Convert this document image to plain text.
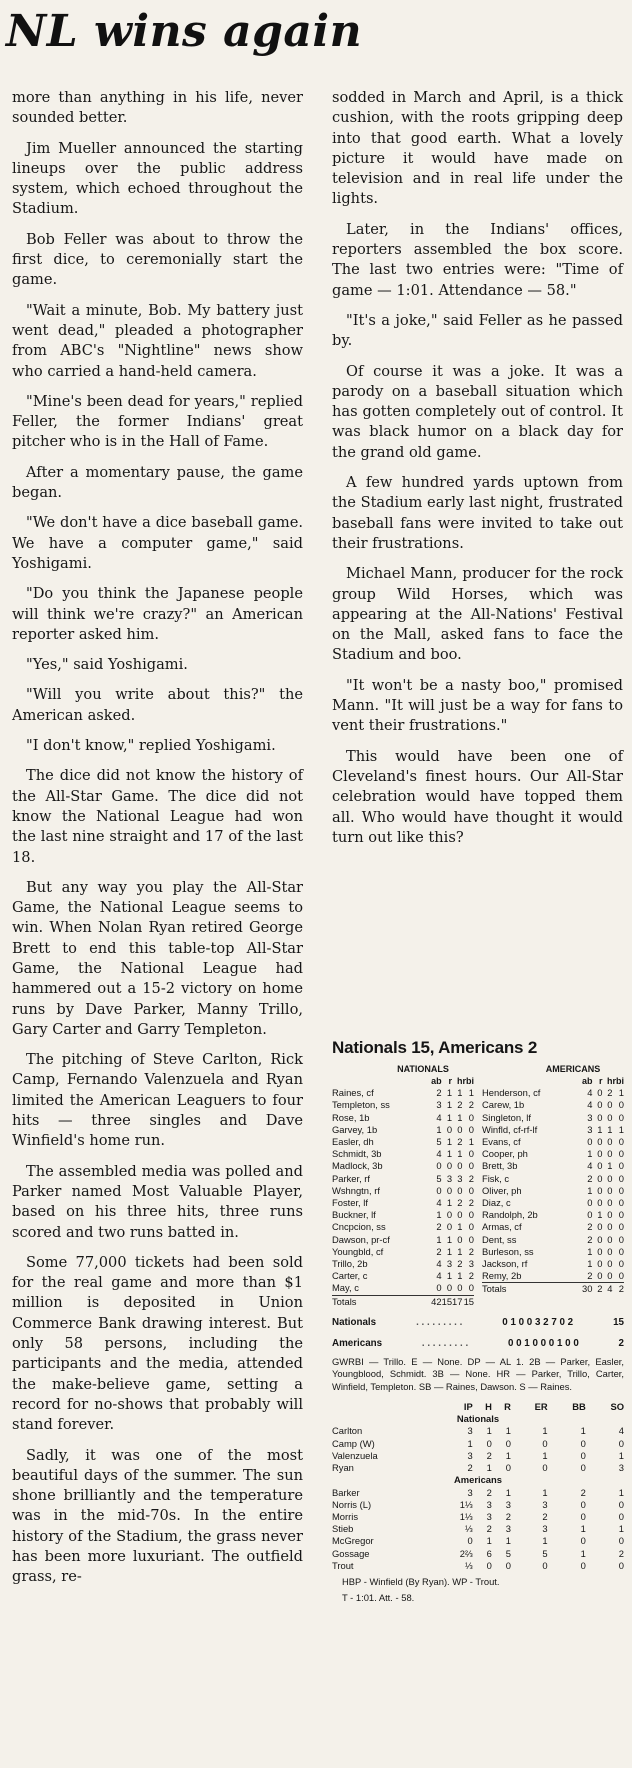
NL wins again

more than anything in his life, never sounded better.

Jim Mueller announced the starting lineups over the public address system, which echoed throughout the Stadium.

Bob Feller was about to throw the first dice, to ceremonially start the game.

"Wait a minute, Bob. My battery just went dead," pleaded a photographer from ABC's "Nightline" news show who carried a hand-held camera.

"Mine's been dead for years," replied Feller, the former Indians' great pitcher who is in the Hall of Fame.

After a momentary pause, the game began.

"We don't have a dice baseball game. We have a computer game," said Yoshigami.

"Do you think the Japanese people will think we're crazy?" an American reporter asked him.

"Yes," said Yoshigami.

"Will you write about this?" the American asked.

"I don't know," replied Yoshigami.

The dice did not know the history of the All-Star Game. The dice did not know the National League had won the last nine straight and 17 of the last 18.

But any way you play the All-Star Game, the National League seems to win. When Nolan Ryan retired George Brett to end this table-top All-Star Game, the National League had hammered out a 15-2 victory on home runs by Dave Parker, Manny Trillo, Gary Carter and Garry Templeton.

The pitching of Steve Carlton, Rick Camp, Fernando Valenzuela and Ryan limited the American Leaguers to four hits — three singles and Dave Winfield's home run.

The assembled media was polled and Parker named Most Valuable Player, based on his three hits, three runs scored and two runs batted in.

Some 77,000 tickets had been sold for the real game and more than $1 million is deposited in Union Commerce Bank drawing interest. But only 58 persons, including the participants and the media, attended the make-believe game, setting a record for no-shows that probably will stand forever.

Sadly, it was one of the most beautiful days of the summer. The sun shone brilliantly and the temperature was in the mid-70s. In the entire history of the Stadium, the grass never has been more luxuriant. The outfield grass, re-

sodded in March and April, is a thick cushion, with the roots gripping deep into that good earth. What a lovely picture it would have made on television and in real life under the lights.

Later, in the Indians' offices, reporters assembled the box score. The last two entries were: "Time of game — 1:01. Attendance — 58."

"It's a joke," said Feller as he passed by.

Of course it was a joke. It was a parody on a baseball situation which has gotten completely out of control. It was black humor on a black day for the grand old game.

A few hundred yards uptown from the Stadium early last night, frustrated baseball fans were invited to take out their frustrations.

Michael Mann, producer for the rock group Wild Horses, which was appearing at the All-Nations' Festival on the Mall, asked fans to face the Stadium and boo.

"It won't be a nasty boo," promised Mann. "It will just be a way for fans to vent their frustrations."

This would have been one of Cleveland's finest hours. Our All-Star celebration would have topped them all. Who would have thought it would turn out like this?

Nationals 15, Americans 2
NATIONALS
	ab	r	h	rbi
Raines, cf	2	1	1	1
Templeton, ss	3	1	2	2
Rose, 1b	4	1	1	0
Garvey, 1b	1	0	0	0
Easler, dh	5	1	2	1
Schmidt, 3b	4	1	1	0
Madlock, 3b	0	0	0	0
Parker, rf	5	3	3	2
Wshngtn, rf	0	0	0	0
Foster, lf	4	1	2	2
Buckner, lf	1	0	0	0
Cncpcion, ss	2	0	1	0
Dawson, pr-cf	1	1	0	0
Youngbld, cf	2	1	1	2
Trillo, 2b	4	3	2	3
Carter, c	4	1	1	2
May, c	0	0	0	0
Totals	42	15	17	15
AMERICANS
	ab	r	h	rbi
Henderson, cf	4	0	2	1
Carew, 1b	4	0	0	0
Singleton, lf	3	0	0	0
Winfld, cf-rf-lf	3	1	1	1
Evans, cf	0	0	0	0
Cooper, ph	1	0	0	0
Brett, 3b	4	0	1	0
Fisk, c	2	0	0	0
Oliver, ph	1	0	0	0
Diaz, c	0	0	0	0
Randolph, 2b	0	1	0	0
Armas, cf	2	0	0	0
Dent, ss	2	0	0	0
Burleson, ss	1	0	0	0
Jackson, rf	1	0	0	0
Remy, 2b	2	0	0	0
Totals	30	2	4	2
Nationals	. . . . . . . . .	0 1 0 0 3 2 7 0 2	15
Americans	. . . . . . . . .	0 0 1 0 0 0 1 0 0	2
GWRBI — Trillo. E — None. DP — AL 1. 2B — Parker, Easler, Youngblood, Schmidt. 3B — None. HR — Parker, Trillo, Carter, Winfield, Templeton. SB — Raines, Dawson. S — Raines.
	IP	H	R	ER	BB	SO
Nationals						
Carlton	3	1	1	1	1	4
Camp (W)	1	0	0	0	0	0
Valenzuela	3	2	1	1	0	1
Ryan	2	1	0	0	0	3
Americans						
Barker	3	2	1	1	2	1
Norris (L)	1⅓	3	3	3	0	0
Morris	1⅓	3	2	2	0	0
Stieb	⅓	2	3	3	1	1
McGregor	0	1	1	1	0	0
Gossage	2⅔	6	5	5	1	2
Trout	⅓	0	0	0	0	0
HBP - Winfield (By Ryan). WP - Trout.
T - 1:01. Att. - 58.
